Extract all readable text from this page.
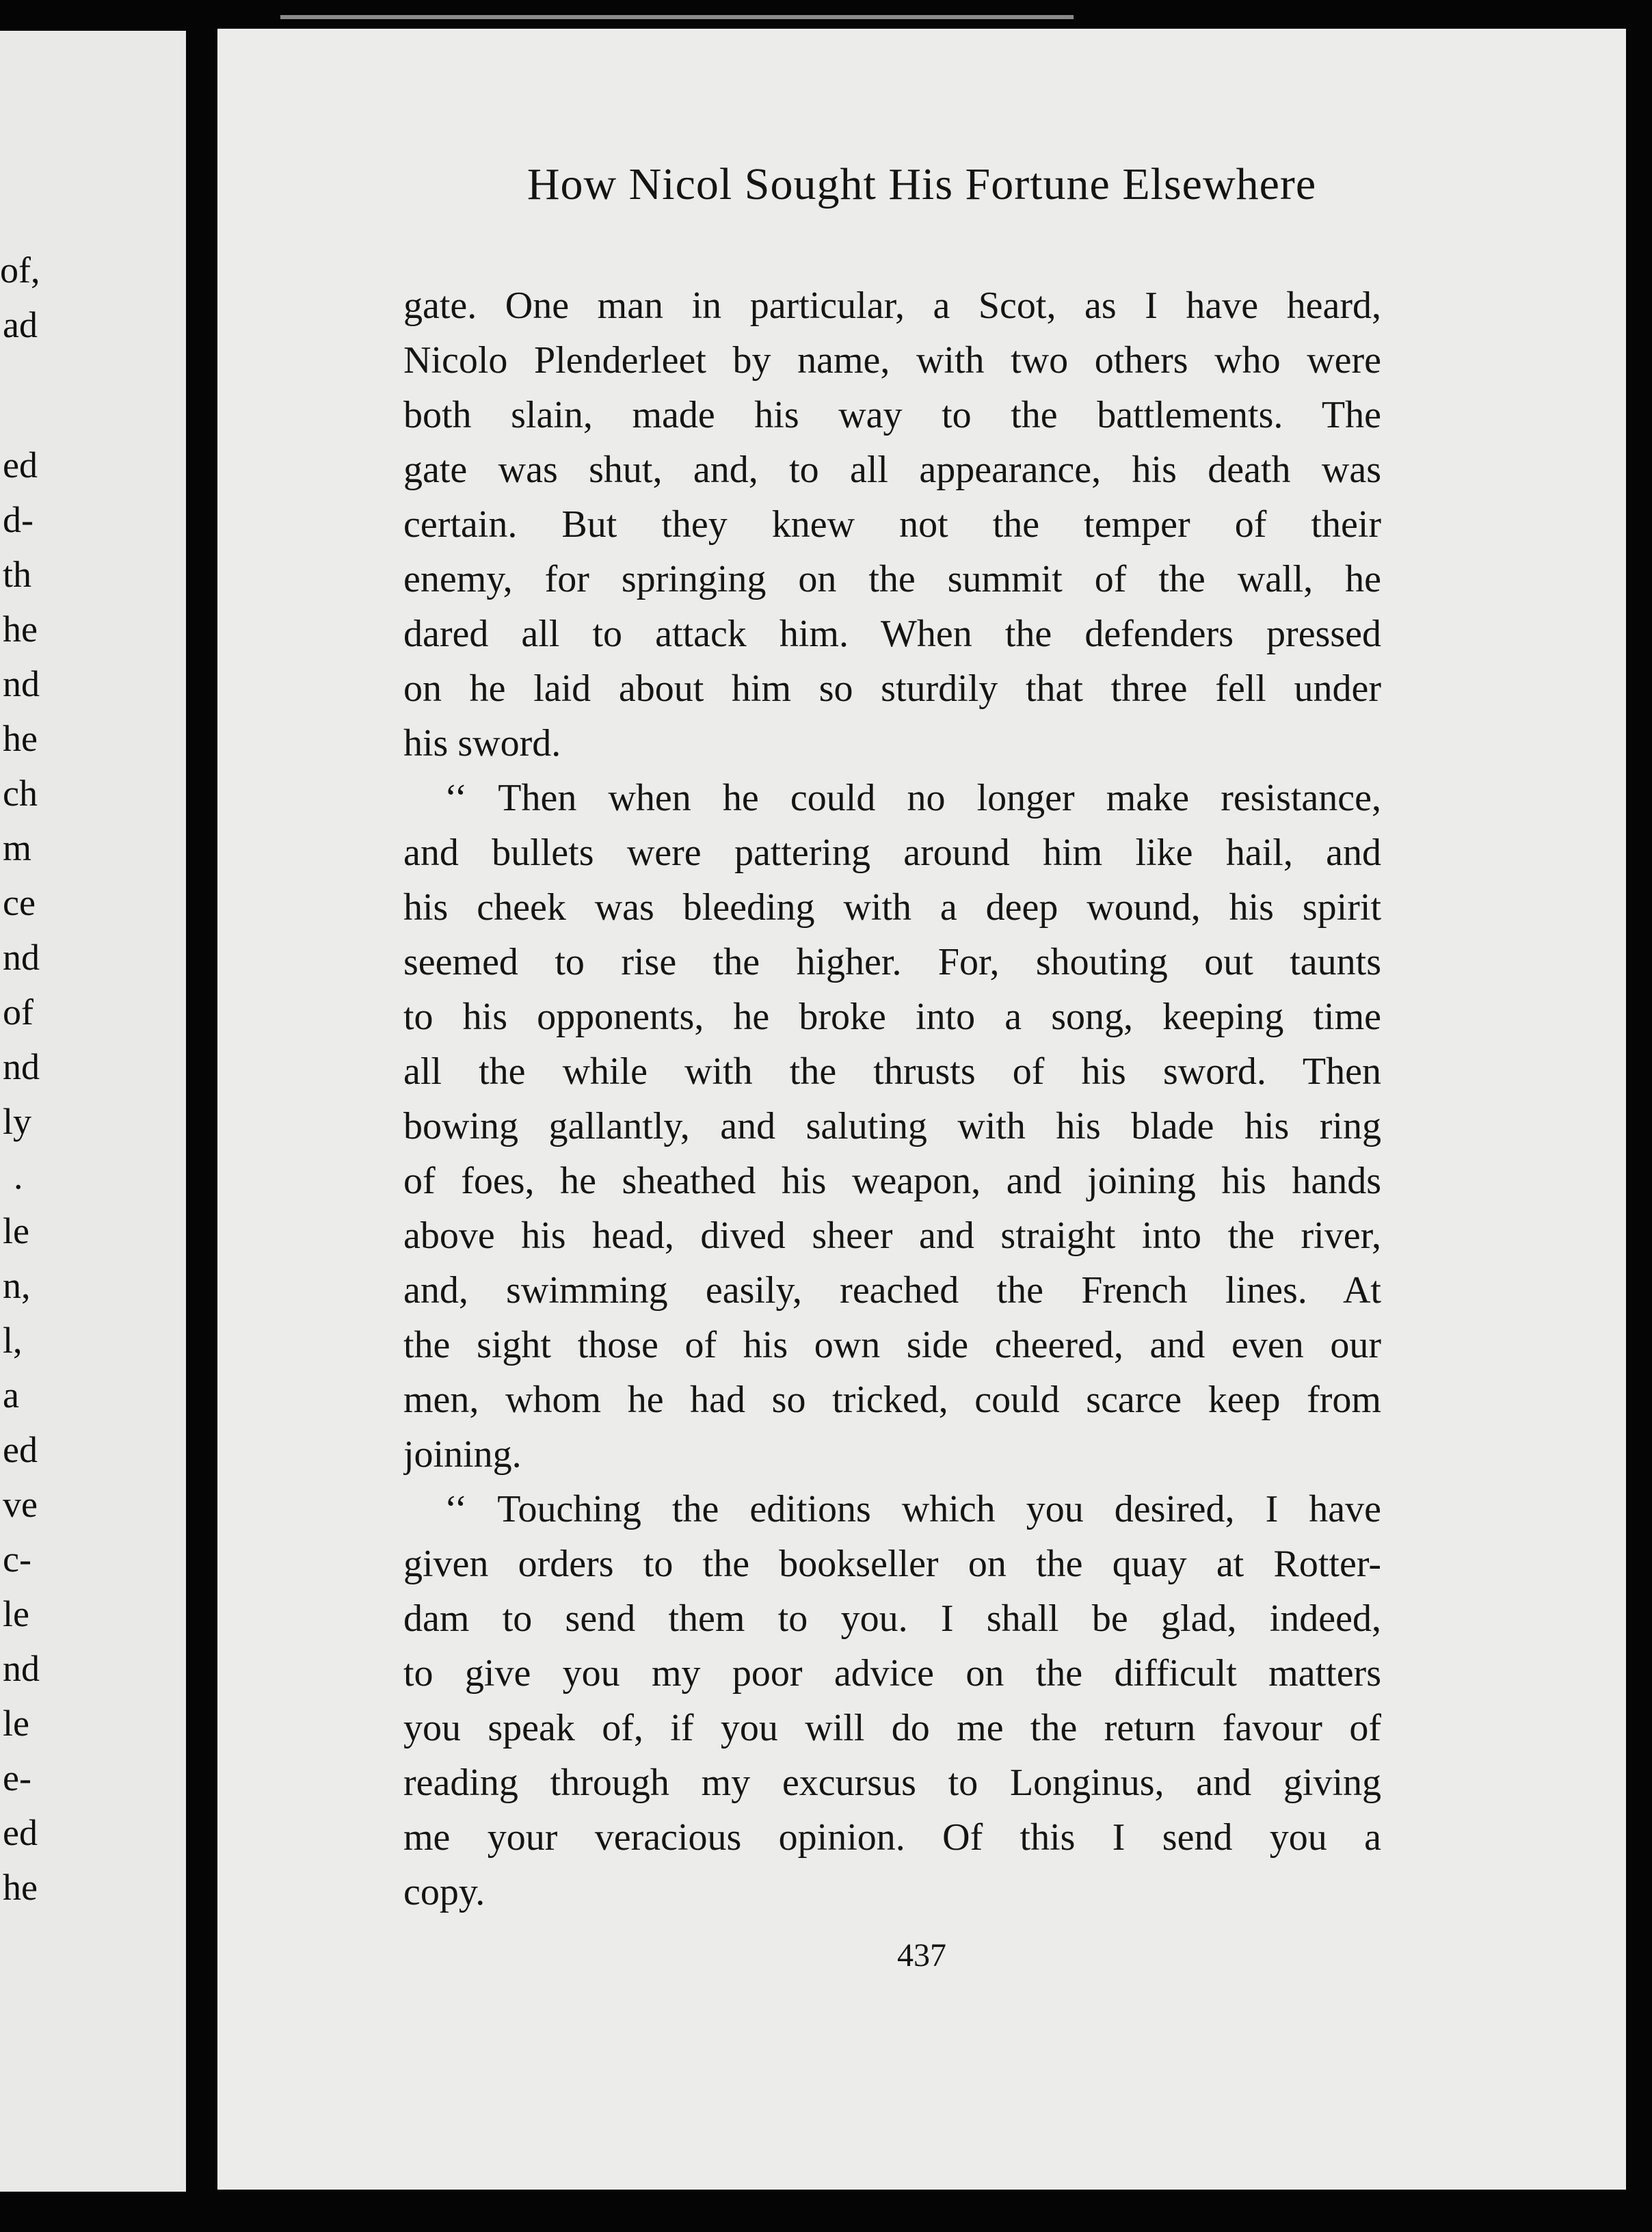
of,
ad
ed
d-
th
he
nd
he
ch
m
ce
nd
of
nd
ly
.
le
n,
l,
a
ed
ve
c-
le
nd
le
e-
ed
he
How Nicol Sought His Fortune Elsewhere
gate. One man in particular, a Scot, as I have heard,
Nicolo Plenderleet by name, with two others who were
both slain, made his way to the battlements. The
gate was shut, and, to all appearance, his death was
certain. But they knew not the temper of their
enemy, for springing on the summit of the wall, he
dared all to attack him. When the defenders pressed
on he laid about him so sturdily that three fell under
his sword.
‘‘ Then when he could no longer make resistance,
and bullets were pattering around him like hail, and
his cheek was bleeding with a deep wound, his spirit
seemed to rise the higher. For, shouting out taunts
to his opponents, he broke into a song, keeping time
all the while with the thrusts of his sword. Then
bowing gallantly, and saluting with his blade his ring
of foes, he sheathed his weapon, and joining his hands
above his head, dived sheer and straight into the river,
and, swimming easily, reached the French lines. At
the sight those of his own side cheered, and even our
men, whom he had so tricked, could scarce keep from
joining.
‘‘ Touching the editions which you desired, I have
given orders to the bookseller on the quay at Rotter-
dam to send them to you. I shall be glad, indeed,
to give you my poor advice on the difficult matters
you speak of, if you will do me the return favour of
reading through my excursus to Longinus, and giving
me your veracious opinion. Of this I send you a
copy.
437
